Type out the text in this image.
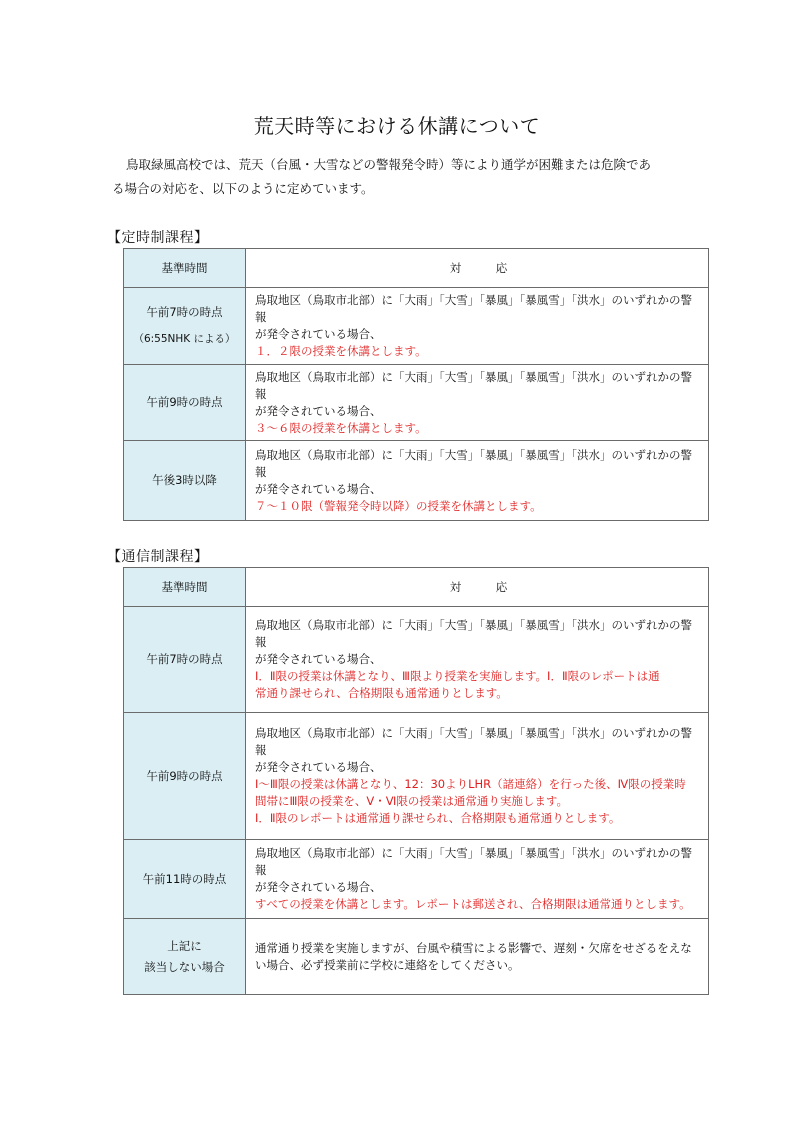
荒天時等における休講について

鳥取緑風高校では、荒天（台風・大雪などの警報発令時）等により通学が困難または危険であ

る場合の対応を、以下のように定めています。

【定時制課程】
基準時間	対　　　応

午前7時の時点
（6:55NHK による）	鳥取地区（鳥取市北部）に「大雨」「大雪」「暴風」「暴風雪」「洪水」のいずれかの警報
が発令されている場合、
１．２限の授業を休講とします。

午前9時の時点	鳥取地区（鳥取市北部）に「大雨」「大雪」「暴風」「暴風雪」「洪水」のいずれかの警報
が発令されている場合、
３～６限の授業を休講とします。

午後3時以降	鳥取地区（鳥取市北部）に「大雨」「大雪」「暴風」「暴風雪」「洪水」のいずれかの警報
が発令されている場合、
７～１０限（警報発令時以降）の授業を休講とします。
【通信制課程】
基準時間	対　　　応
午前7時の時点	鳥取地区（鳥取市北部）に「大雨」「大雪」「暴風」「暴風雪」「洪水」のいずれかの警報
が発令されている場合、
Ⅰ．Ⅱ限の授業は休講となり、Ⅲ限より授業を実施します。Ⅰ．Ⅱ限のレポートは通
常通り課せられ、合格期限も通常通りとします。

午前9時の時点	鳥取地区（鳥取市北部）に「大雨」「大雪」「暴風」「暴風雪」「洪水」のいずれかの警報
が発令されている場合、
Ⅰ～Ⅲ限の授業は休講となり、12：30よりLHR（諸連絡）を行った後、Ⅳ限の授業時
間帯にⅢ限の授業を、Ⅴ・Ⅵ限の授業は通常通り実施します。
Ⅰ．Ⅱ限のレポートは通常通り課せられ、合格期限も通常通りとします。

午前11時の時点	鳥取地区（鳥取市北部）に「大雨」「大雪」「暴風」「暴風雪」「洪水」のいずれかの警報
が発令されている場合、
すべての授業を休講とします。レポートは郵送され、合格期限は通常通りとします。

上記に
該当しない場合	通常通り授業を実施しますが、台風や積雪による影響で、遅刻・欠席をせざるをえな
い場合、必ず授業前に学校に連絡をしてください。
